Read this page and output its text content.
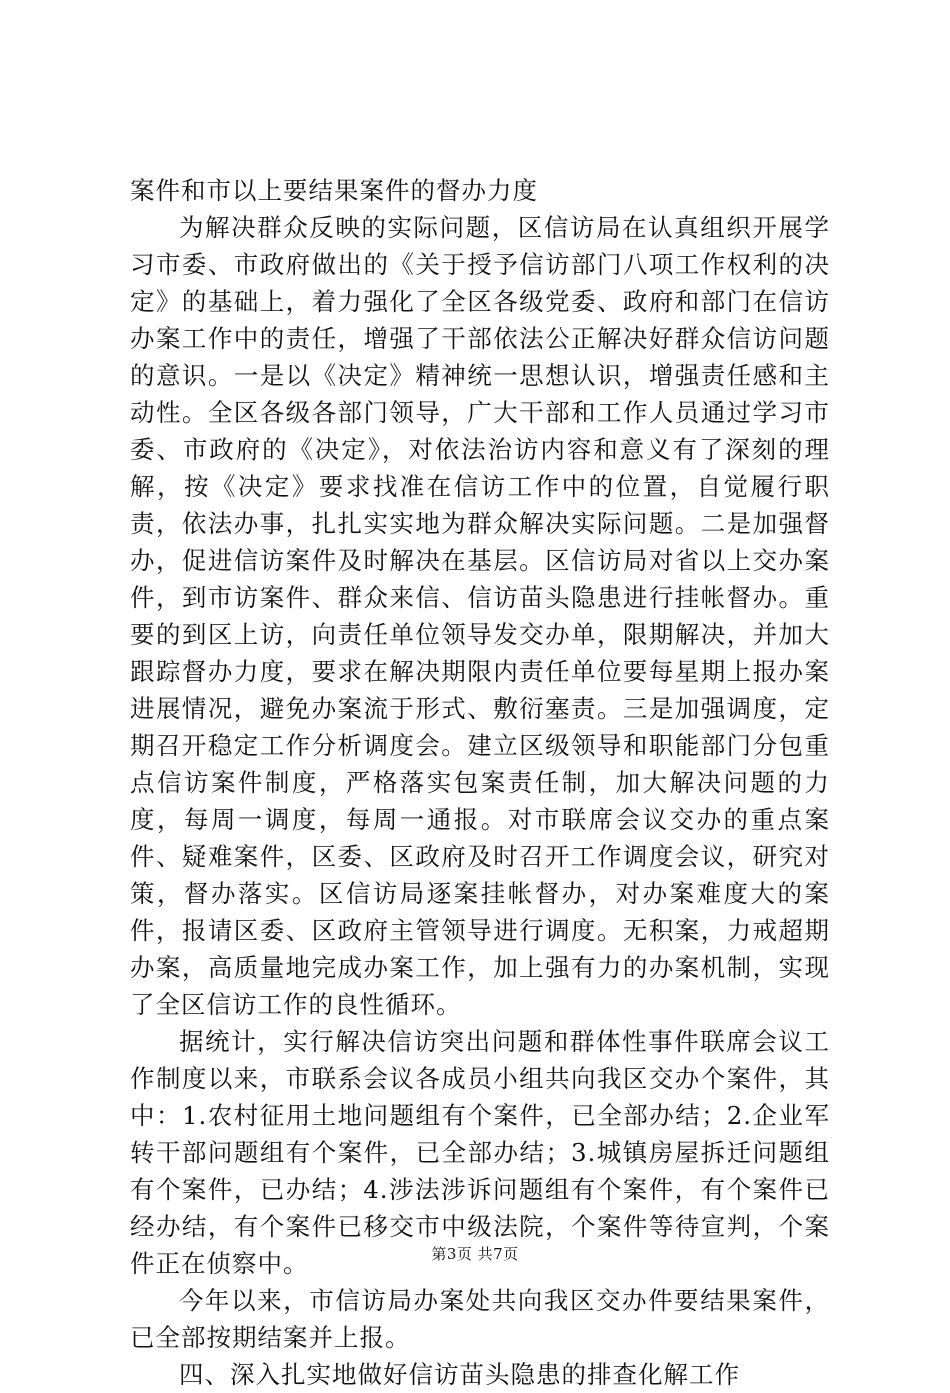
案件和市以上要结果案件的督办力度

为解决群众反映的实际问题，区信访局在认真组织开展学习市委、市政府做出的《关于授予信访部门八项工作权利的决定》的基础上，着力强化了全区各级党委、政府和部门在信访办案工作中的责任，增强了干部依法公正解决好群众信访问题的意识。一是以《决定》精神统一思想认识，增强责任感和主动性。全区各级各部门领导，广大干部和工作人员通过学习市委、市政府的《决定》，对依法治访内容和意义有了深刻的理解，按《决定》要求找准在信访工作中的位置，自觉履行职责，依法办事，扎扎实实地为群众解决实际问题。二是加强督办，促进信访案件及时解决在基层。区信访局对省以上交办案件，到市访案件、群众来信、信访苗头隐患进行挂帐督办。重要的到区上访，向责任单位领导发交办单，限期解决，并加大跟踪督办力度，要求在解决期限内责任单位要每星期上报办案进展情况，避免办案流于形式、敷衍塞责。三是加强调度，定期召开稳定工作分析调度会。建立区级领导和职能部门分包重点信访案件制度，严格落实包案责任制，加大解决问题的力度，每周一调度，每周一通报。对市联席会议交办的重点案件、疑难案件，区委、区政府及时召开工作调度会议，研究对策，督办落实。区信访局逐案挂帐督办，对办案难度大的案件，报请区委、区政府主管领导进行调度。无积案，力戒超期办案，高质量地完成办案工作，加上强有力的办案机制，实现了全区信访工作的良性循环。

据统计，实行解决信访突出问题和群体性事件联席会议工作制度以来，市联系会议各成员小组共向我区交办个案件，其中：1.农村征用土地问题组有个案件，已全部办结；2.企业军转干部问题组有个案件，已全部办结；3.城镇房屋拆迁问题组有个案件，已办结；4.涉法涉诉问题组有个案件，有个案件已经办结，有个案件已移交市中级法院，个案件等待宣判，个案件正在侦察中。

今年以来，市信访局办案处共向我区交办件要结果案件，已全部按期结案并上报。

四、深入扎实地做好信访苗头隐患的排查化解工作

第3页 共7页
